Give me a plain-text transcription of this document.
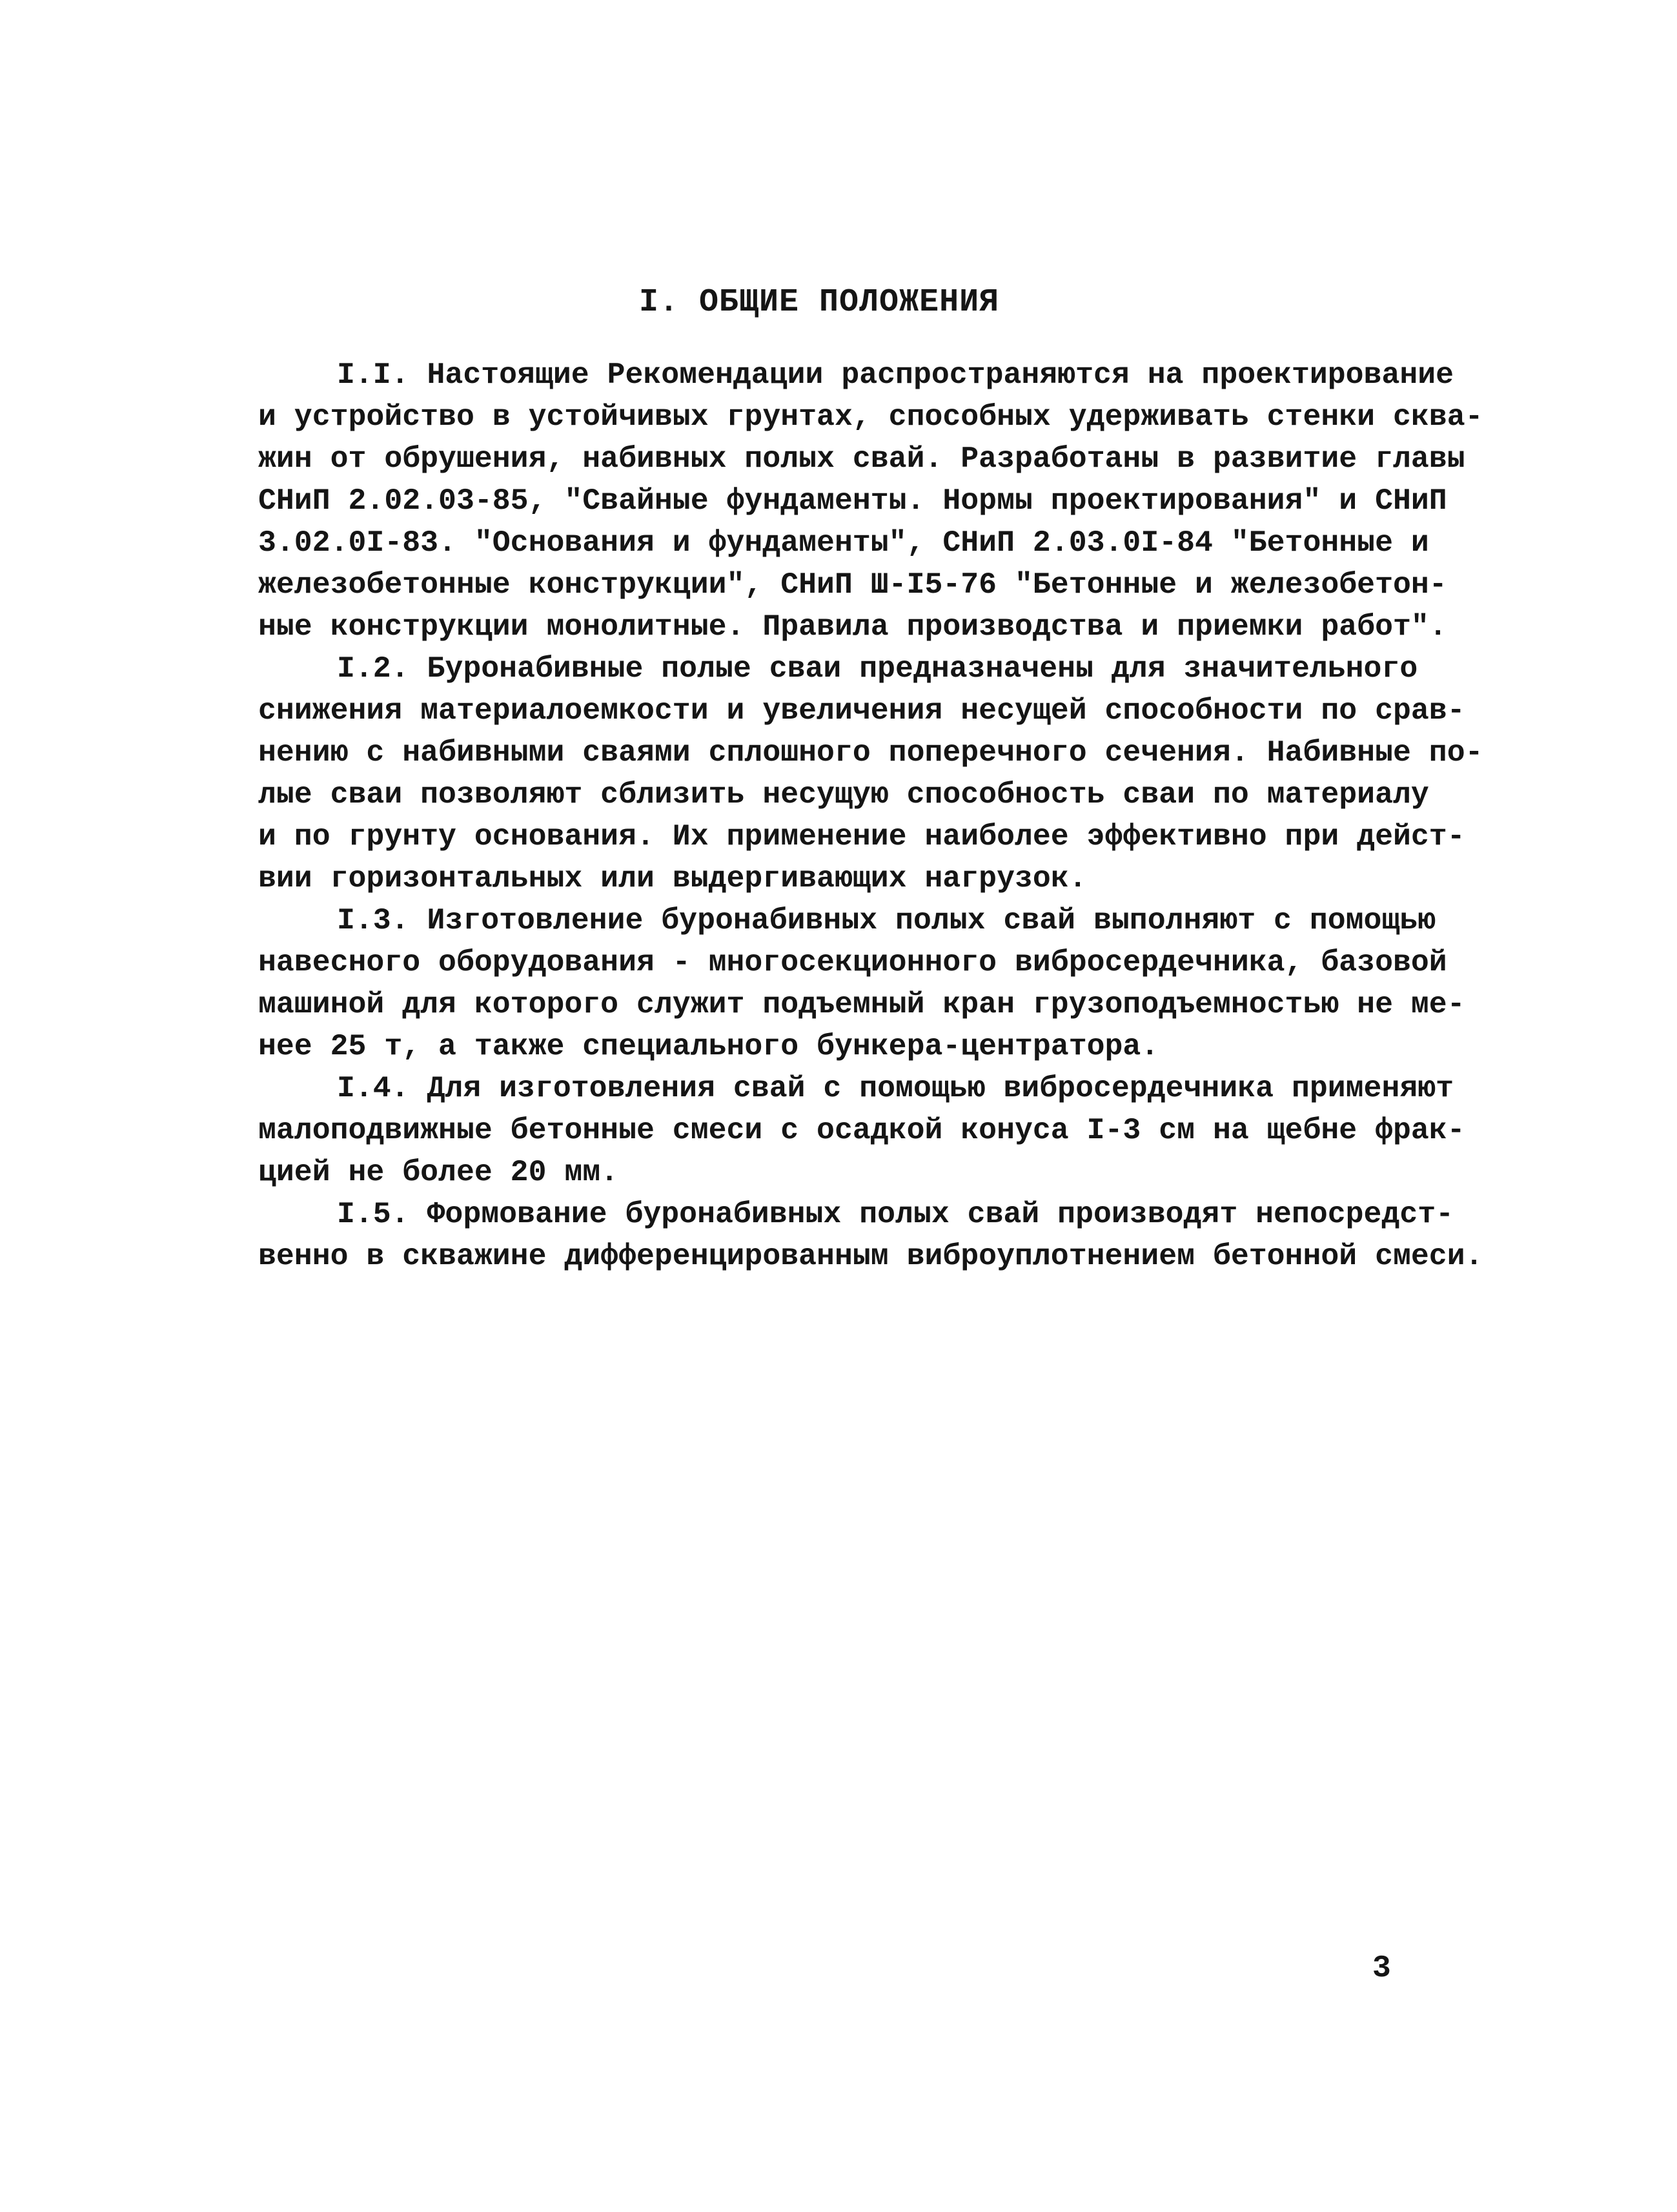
I. ОБЩИЕ ПОЛОЖЕНИЯ
I.I. Настоящие Рекомендации распространяются на проектирование
и устройство в устойчивых грунтах, способных удерживать стенки сква-
жин от обрушения, набивных полых свай. Разработаны в развитие главы
СНиП 2.02.03-85, "Свайные фундаменты. Нормы проектирования" и СНиП
3.02.0I-83. "Основания и фундаменты", СНиП 2.03.0I-84 "Бетонные и
железобетонные конструкции", СНиП Ш-I5-76 "Бетонные и железобетон-
ные конструкции монолитные. Правила производства и приемки работ".
I.2. Буронабивные полые сваи предназначены для значительного
снижения материалоемкости и увеличения несущей способности по срав-
нению с набивными сваями сплошного поперечного сечения. Набивные по-
лые сваи позволяют сблизить несущую способность сваи по материалу
и по грунту основания. Их применение наиболее эффективно при дейст-
вии горизонтальных или выдергивающих нагрузок.
I.3. Изготовление буронабивных полых свай выполняют с помощью
навесного оборудования - многосекционного вибросердечника, базовой
машиной для которого служит подъемный кран грузоподъемностью не ме-
нее 25 т, а также специального бункера-центратора.
I.4. Для изготовления свай с помощью вибросердечника применяют
малоподвижные бетонные смеси с осадкой конуса I-3 см на щебне фрак-
цией не более 20 мм.
I.5. Формование буронабивных полых свай производят непосредст-
венно в скважине дифференцированным виброуплотнением бетонной смеси.
3
